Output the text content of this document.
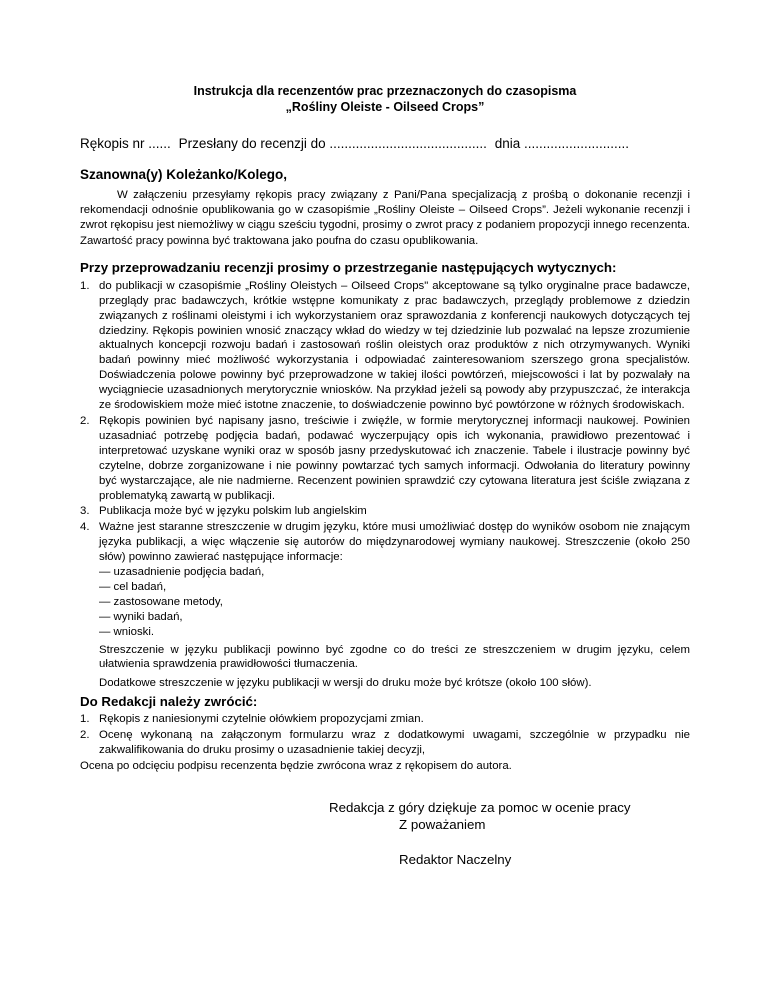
Instrukcja dla recenzentów prac przeznaczonych do czasopisma
„Rośliny Oleiste - Oilseed Crops”
Rękopis nr ...... Przesłany do recenzji do .......................................... dnia ............................
Szanowna(y) Koleżanko/Kolego,
W załączeniu przesyłamy rękopis pracy związany z Pani/Pana specjalizacją z prośbą o dokonanie recenzji i rekomendacji odnośnie opublikowania go w czasopiśmie „Rośliny Oleiste – Oilseed Crops”. Jeżeli wykonanie recenzji i zwrot rękopisu jest niemożliwy w ciągu sześciu tygodni, prosimy o zwrot pracy z podaniem propozycji innego recenzenta. Zawartość pracy powinna być traktowana jako poufna do czasu opublikowania.
Przy przeprowadzaniu recenzji prosimy o przestrzeganie następujących wytycznych:
1. do publikacji w czasopiśmie „Rośliny Oleistych – Oilseed Crops" akceptowane są tylko oryginalne prace badawcze, przeglądy prac badawczych, krótkie wstępne komunikaty z prac badawczych, przeglądy problemowe z dziedzin związanych z roślinami oleistymi i ich wykorzystaniem oraz sprawozdania z konferencji naukowych dotyczących tej dziedziny. Rękopis powinien wnosić znaczący wkład do wiedzy w tej dziedzinie lub pozwalać na lepsze zrozumienie aktualnych koncepcji rozwoju badań i zastosowań roślin oleistych oraz produktów z nich otrzymywanych. Wyniki badań powinny mieć możliwość wykorzystania i odpowiadać zainteresowaniom szerszego grona specjalistów. Doświadczenia polowe powinny być przeprowadzone w takiej ilości powtórzeń, miejscowości i lat by pozwalały na wyciągniecie uzasadnionych merytorycznie wniosków. Na przykład jeżeli są powody aby przypuszczać, że interakcja ze środowiskiem może mieć istotne znaczenie, to doświadczenie powinno być powtórzone w różnych środowiskach.
2. Rękopis powinien być napisany jasno, treściwie i zwięźle, w formie merytorycznej informacji naukowej. Powinien uzasadniać potrzebę podjęcia badań, podawać wyczerpujący opis ich wykonania, prawidłowo prezentować i interpretować uzyskane wyniki oraz w sposób jasny przedyskutować ich znaczenie. Tabele i ilustracje powinny być czytelne, dobrze zorganizowane i nie powinny powtarzać tych samych informacji. Odwołania do literatury powinny być wystarczające, ale nie nadmierne. Recenzent powinien sprawdzić czy cytowana literatura jest ściśle związana z problematyką zawartą w publikacji.
3. Publikacja może być w języku polskim lub angielskim
4. Ważne jest staranne streszczenie w drugim języku, które musi umożliwiać dostęp do wyników osobom nie znającym języka publikacji, a więc włączenie się autorów do międzynarodowej wymiany naukowej. Streszczenie (około 250 słów) powinno zawierać następujące informacje:
— uzasadnienie podjęcia badań,
— cel badań,
— zastosowane metody,
— wyniki badań,
— wnioski.
Streszczenie w języku publikacji powinno być zgodne co do treści ze streszczeniem w drugim języku, celem ułatwienia sprawdzenia prawidłowości tłumaczenia.
Dodatkowe streszczenie w języku publikacji w wersji do druku może być krótsze (około 100 słów).
Do Redakcji należy zwrócić:
1. Rękopis z naniesionymi czytelnie ołówkiem propozycjami zmian.
2. Ocenę wykonaną na załączonym formularzu wraz z dodatkowymi uwagami, szczególnie w przypadku nie zakwalifikowania do druku prosimy o uzasadnienie takiej decyzji,
Ocena po odcięciu podpisu recenzenta będzie zwrócona wraz z rękopisem do autora.
Redakcja z góry dziękuje za pomoc w ocenie pracy
Z poważaniem
Redaktor Naczelny
